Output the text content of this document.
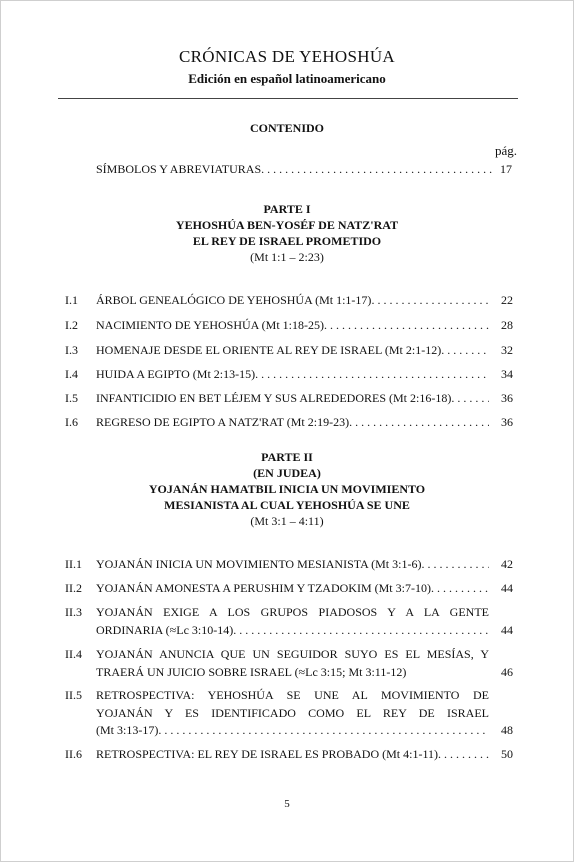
CRÓNICAS DE YEHOSHÚA
Edición en español latinoamericano
CONTENIDO
pág.
SÍMBOLOS Y ABREVIATURAS . . .	17
PARTE I
YEHOSHÚA BEN-YOSÉF DE NATZ'RAT
EL REY DE ISRAEL PROMETIDO
(Mt 1:1 – 2:23)
I.1 ÁRBOL GENEALÓGICO DE YEHOSHÚA (Mt 1:1-17) . . .	22
I.2 NACIMIENTO DE YEHOSHÚA (Mt 1:18-25) . . .	28
I.3 HOMENAJE DESDE EL ORIENTE AL REY DE ISRAEL (Mt 2:1-12) . . .	32
I.4 HUIDA A EGIPTO (Mt 2:13-15) . . .	34
I.5 INFANTICIDIO EN BET LÉJEM Y SUS ALREDEDORES (Mt 2:16-18) . . .	36
I.6 REGRESO DE EGIPTO A NATZ'RAT (Mt 2:19-23) . . .	36
PARTE II
(EN JUDEA)
YOJANÁN HAMATBIL INICIA UN MOVIMIENTO
MESIANISTA AL CUAL YEHOSHÚA SE UNE
(Mt 3:1 – 4:11)
II.1 YOJANÁN INICIA UN MOVIMIENTO MESIANISTA (Mt 3:1-6) . . .	42
II.2 YOJANÁN AMONESTA A PERUSHIM Y TZADOKIM (Mt 3:7-10) . . .	44
II.3 YOJANÁN EXIGE A LOS GRUPOS PIADOSOS Y A LA GENTE
ORDINARIA (≈Lc 3:10-14) . . .	44
II.4 YOJANÁN ANUNCIA QUE UN SEGUIDOR SUYO ES EL MESÍAS, Y
TRAERÁ UN JUICIO SOBRE ISRAEL (≈Lc 3:15; Mt 3:11-12)	46
II.5 RETROSPECTIVA: YEHOSHÚA SE UNE AL MOVIMIENTO DE
YOJANÁN Y ES IDENTIFICADO COMO EL REY DE ISRAEL
(Mt 3:13-17) . . .	48
II.6 RETROSPECTIVA: EL REY DE ISRAEL ES PROBADO (Mt 4:1-11) . . .	50
5
